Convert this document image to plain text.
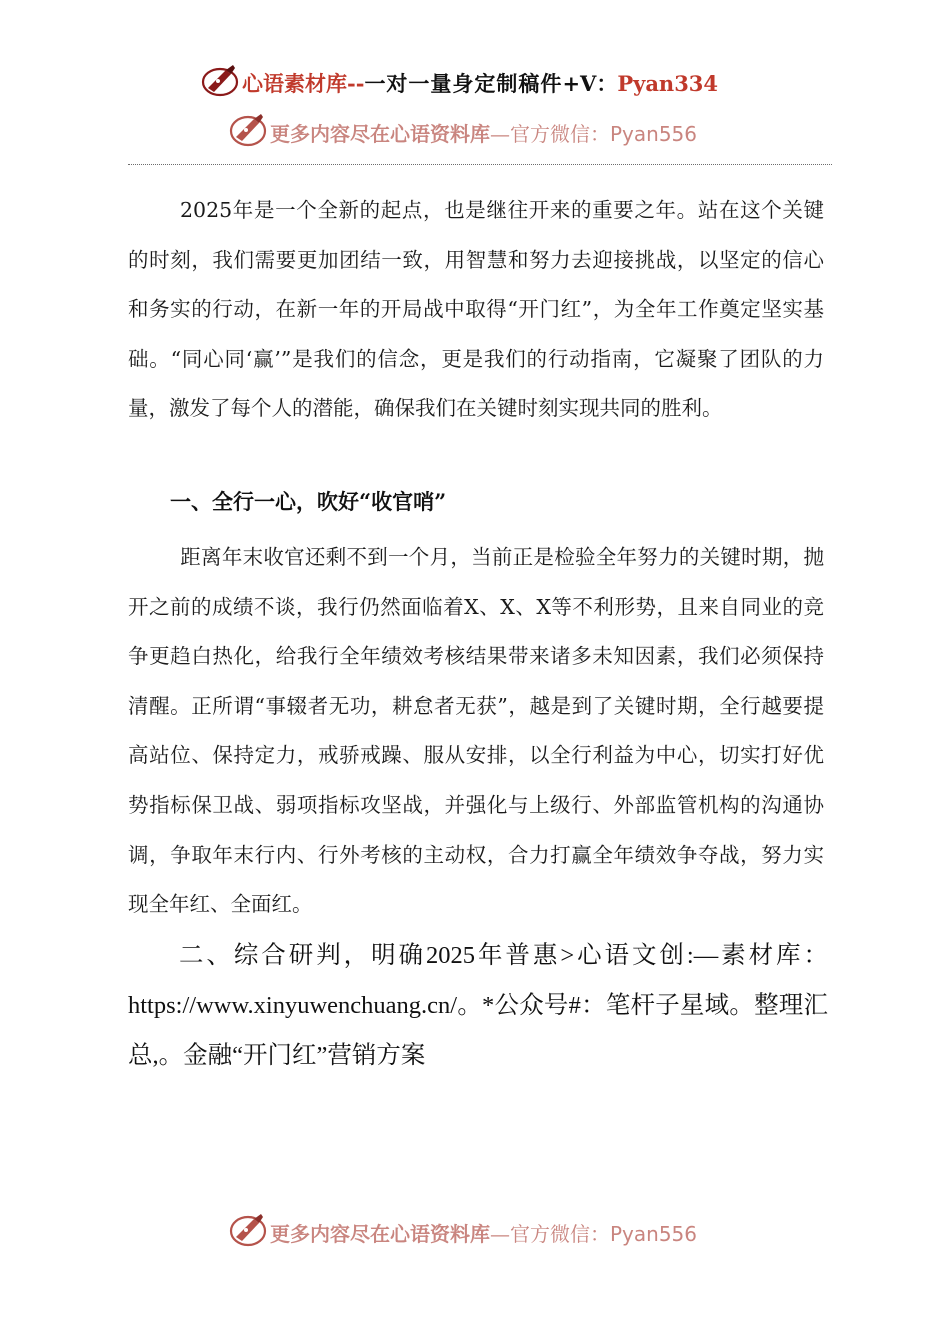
心语素材库--一对一量身定制稿件+V：Pyan334
更多内容尽在心语资料库—官方微信：Pyan556
2025年是一个全新的起点，也是继往开来的重要之年。站在这个关键的时刻，我们需要更加团结一致，用智慧和努力去迎接挑战，以坚定的信心和务实的行动，在新一年的开局战中取得“开门红”，为全年工作奠定坚实基础。“同心同‘赢’”是我们的信念，更是我们的行动指南，它凝聚了团队的力量，激发了每个人的潜能，确保我们在关键时刻实现共同的胜利。
一、全行一心，吹好“收官哨”
距离年末收官还剩不到一个月，当前正是检验全年努力的关键时期，抛开之前的成绩不谈，我行仍然面临着X、X、X等不利形势，且来自同业的竞争更趋白热化，给我行全年绩效考核结果带来诸多未知因素，我们必须保持清醒。正所谓“事辍者无功，耕怠者无获”，越是到了关键时期，全行越要提高站位、保持定力，戒骄戒躁、服从安排，以全行利益为中心，切实打好优势指标保卫战、弱项指标攻坚战，并强化与上级行、外部监管机构的沟通协调，争取年末行内、行外考核的主动权，合力打赢全年绩效争夺战，努力实现全年红、全面红。
二、综合研判，明确2025年普惠>心语文创:—素材库：https://www.xinyuwenchuang.cn/。*公众号#：笔杆子星域。整理汇总,。金融“开门红”营销方案
更多内容尽在心语资料库—官方微信：Pyan556
